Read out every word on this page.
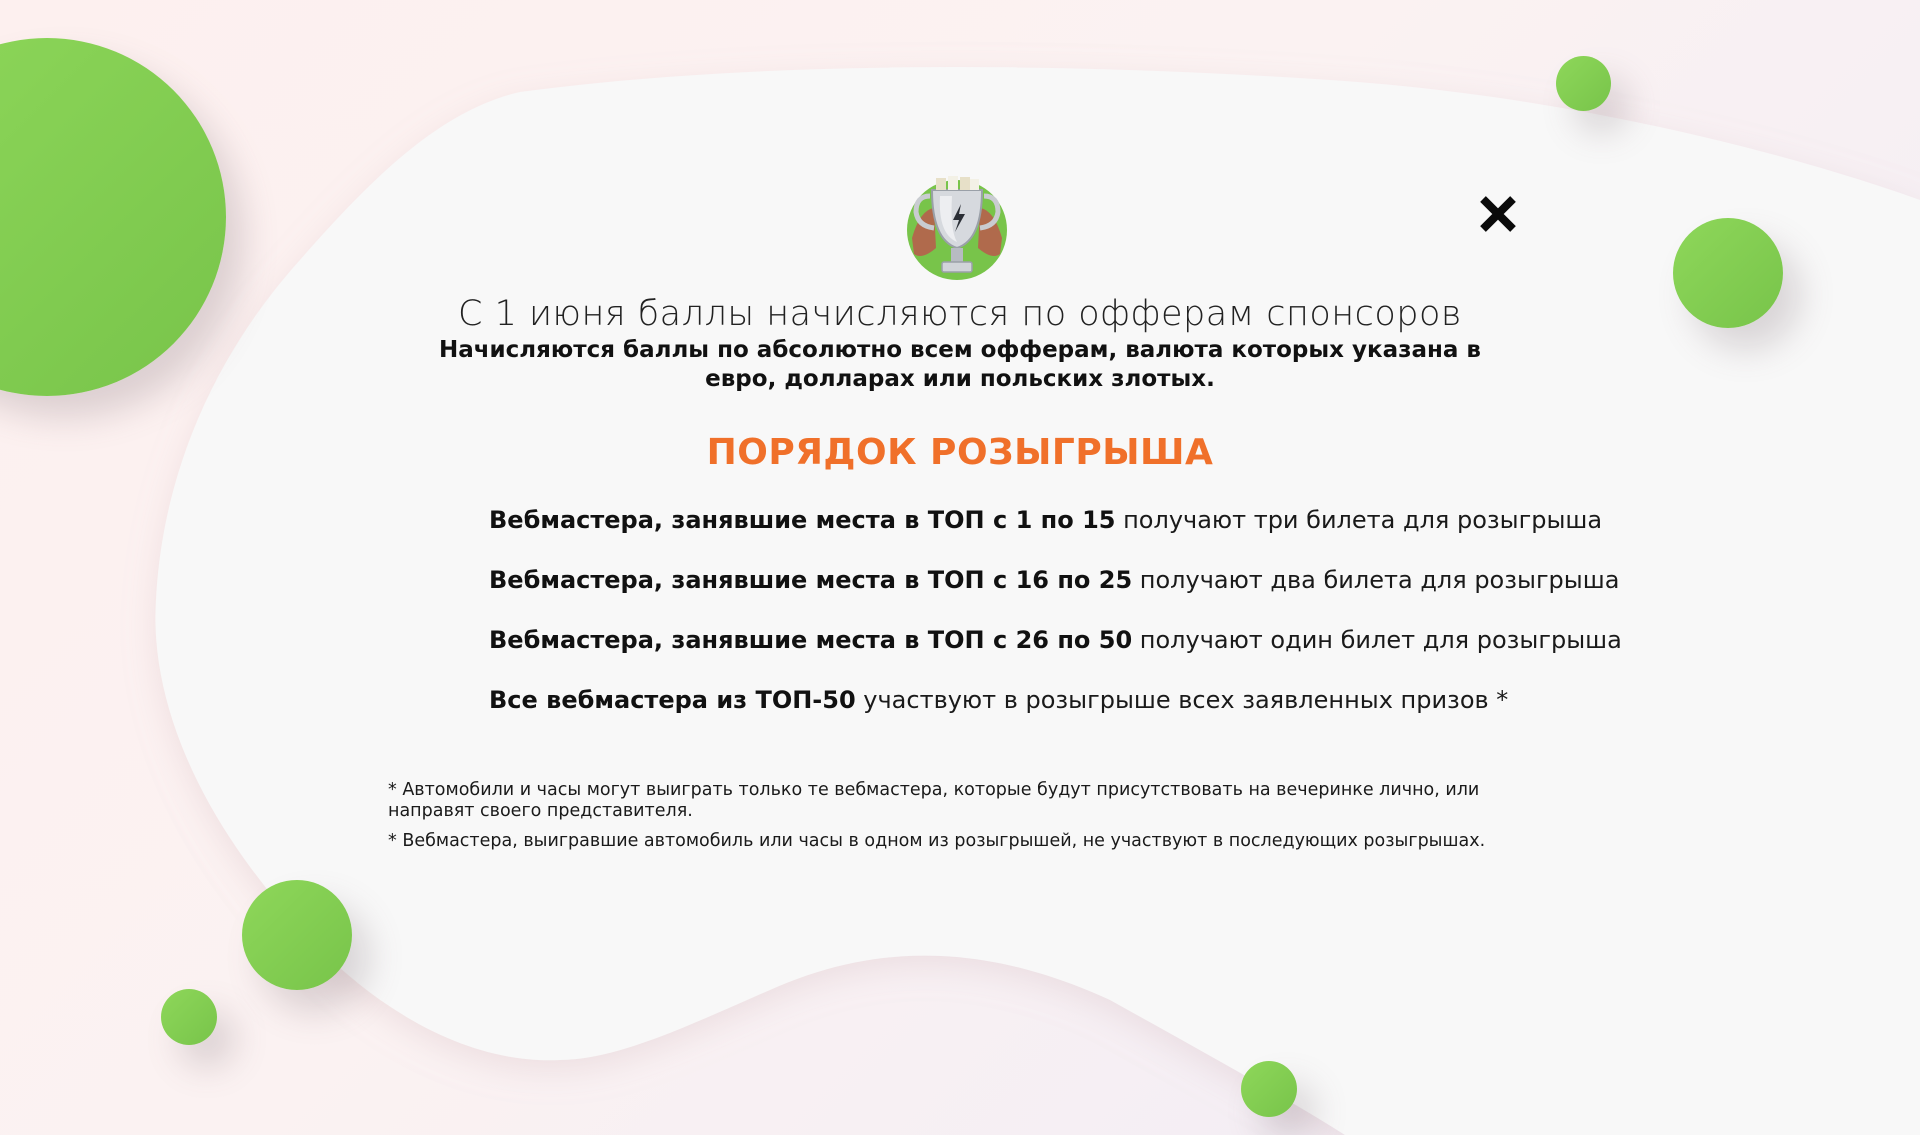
С 1 июня баллы начисляются по офферам спонсоров
Начисляются баллы по абсолютно всем офферам, валюта которых указана в евро, долларах или польских злотых.
ПОРЯДОК РОЗЫГРЫША
Вебмастера, занявшие места в ТОП с 1 по 15 получают три билета для розыгрыша
Вебмастера, занявшие места в ТОП с 16 по 25 получают два билета для розыгрыша
Вебмастера, занявшие места в ТОП с 26 по 50 получают один билет для розыгрыша
Все вебмастера из ТОП-50 участвуют в розыгрыше всех заявленных призов *

* Автомобили и часы могут выиграть только те вебмастера, которые будут присутствовать на вечеринке лично, или направят своего представителя.

* Вебмастера, выигравшие автомобиль или часы в одном из розыгрышей, не участвуют в последующих розыгрышах.
